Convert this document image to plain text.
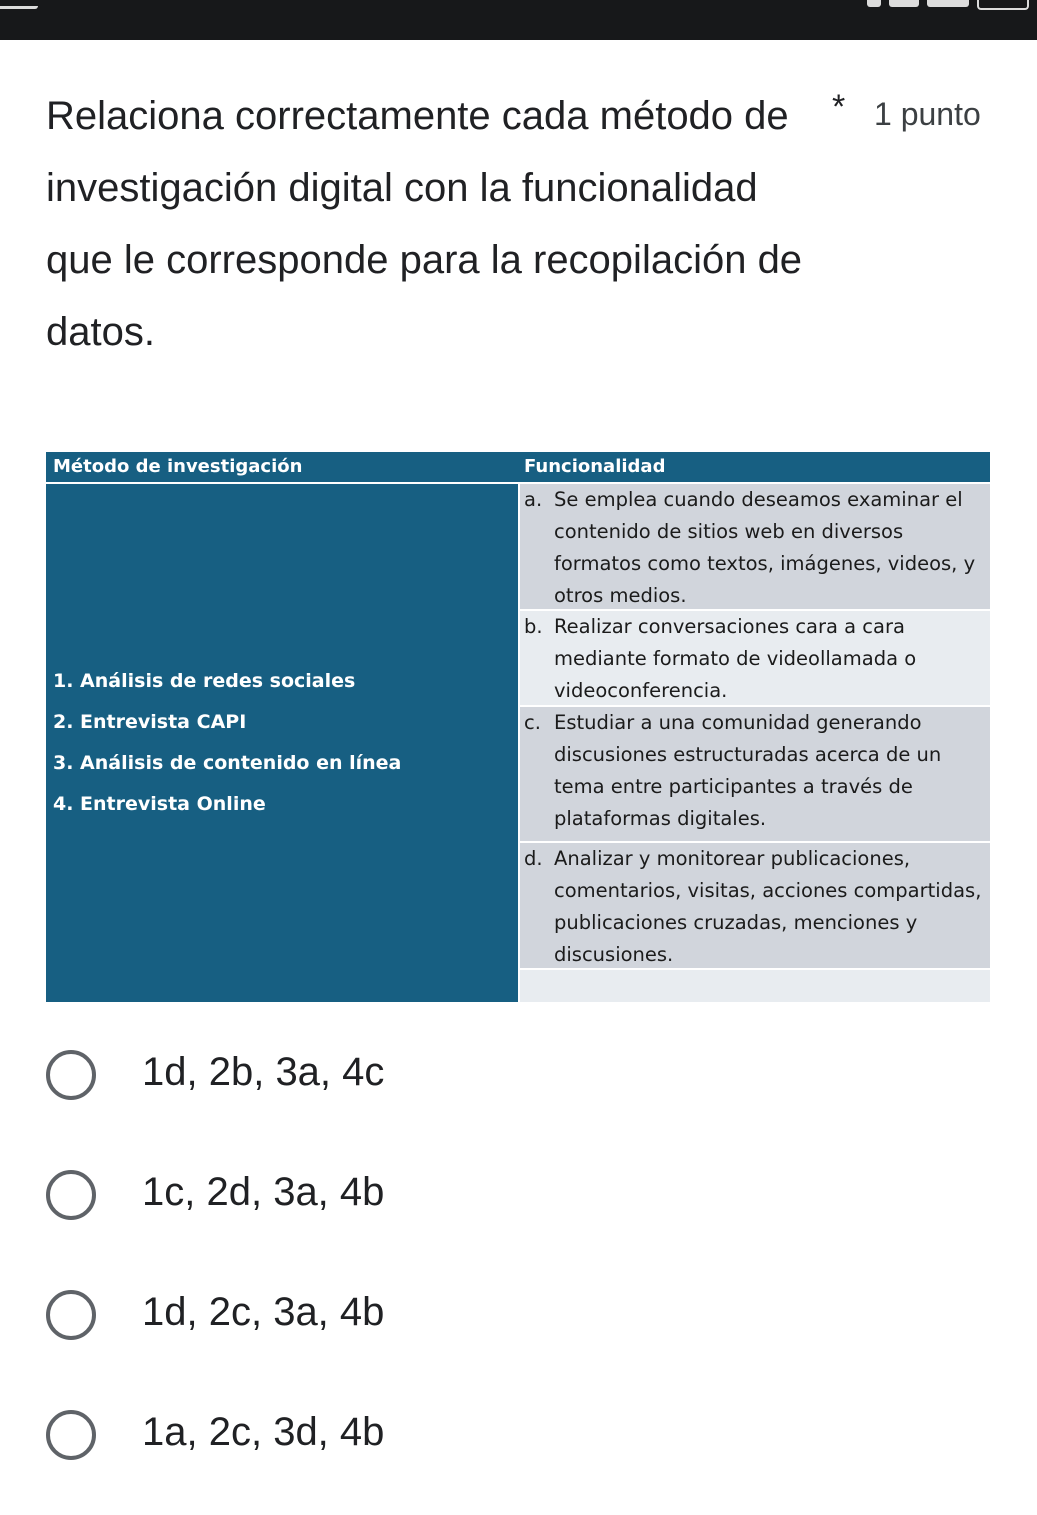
Relaciona correctamente cada método de investigación digital con la funcionalidad que le corresponde para la recopilación de datos.
* 1 punto
Método de investigación	Funcionalidad
1. Análisis de redes sociales
2. Entrevista CAPI
3. Análisis de contenido en línea
4. Entrevista Online
a. Se emplea cuando deseamos examinar el contenido de sitios web en diversos formatos como textos, imágenes, videos, y otros medios.
b. Realizar conversaciones cara a cara mediante formato de videollamada o videoconferencia.
c. Estudiar a una comunidad generando discusiones estructuradas acerca de un tema entre participantes a través de plataformas digitales.
d. Analizar y monitorear publicaciones, comentarios, visitas, acciones compartidas, publicaciones cruzadas, menciones y discusiones.
1d, 2b, 3a, 4c
1c, 2d, 3a, 4b
1d, 2c, 3a, 4b
1a, 2c, 3d, 4b
